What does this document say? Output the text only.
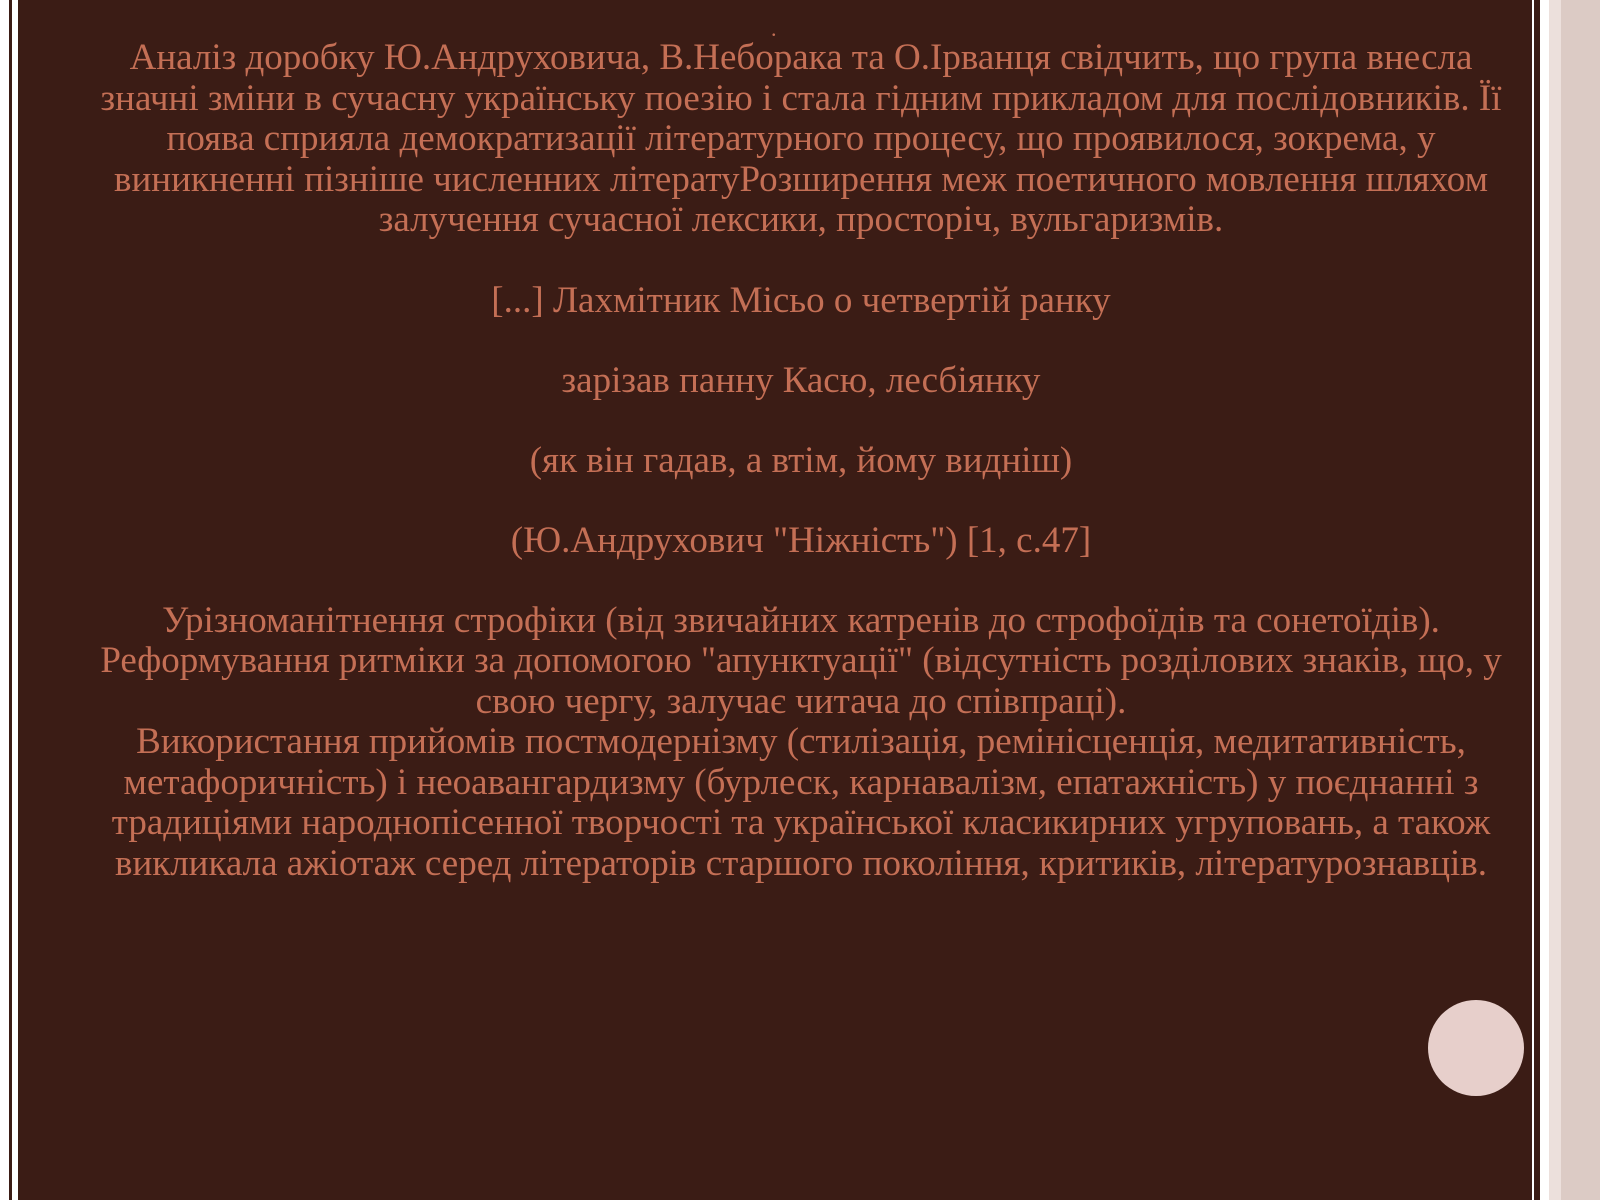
.

Аналіз доробку Ю.Андруховича, В.Небoрака та О.Ірванця свідчить, що група внесла значні зміни в сучасну українську поезію і стала гідним прикладом для послідовників. Її поява сприяла демократизації літературного процесу, що проявилося, зокрема, у виникненні пізніше численних літератуРозширення меж поетичного мовлення шляхом залучення сучасної лексики, просторіч, вульгаризмів.

[...] Лахмітник Місьо о четвертій ранку

зарізав панну Касю, лесбіянку

(як він гадав, а втім, йому видніш)

(Ю.Андрухович "Ніжність") [1, с.47]

Урізноманітнення строфіки (від звичайних катренів до строфоїдів та сонетоїдів).
Реформування ритміки за допомогою "апунктуації" (відсутність розділових знаків, що, у свою чергу, залучає читача до співпраці).
Використання прийомів постмодернізму (стилізація, ремінісценція, медитативність, метафоричність) і неоавангардизму (бурлеск, карнавалізм, епатажність) у поєднанні з традиціями народнопісенної творчості та української класикирних угруповань, а також викликала ажіотаж серед літераторів старшого покоління, критиків, літературознавців.
